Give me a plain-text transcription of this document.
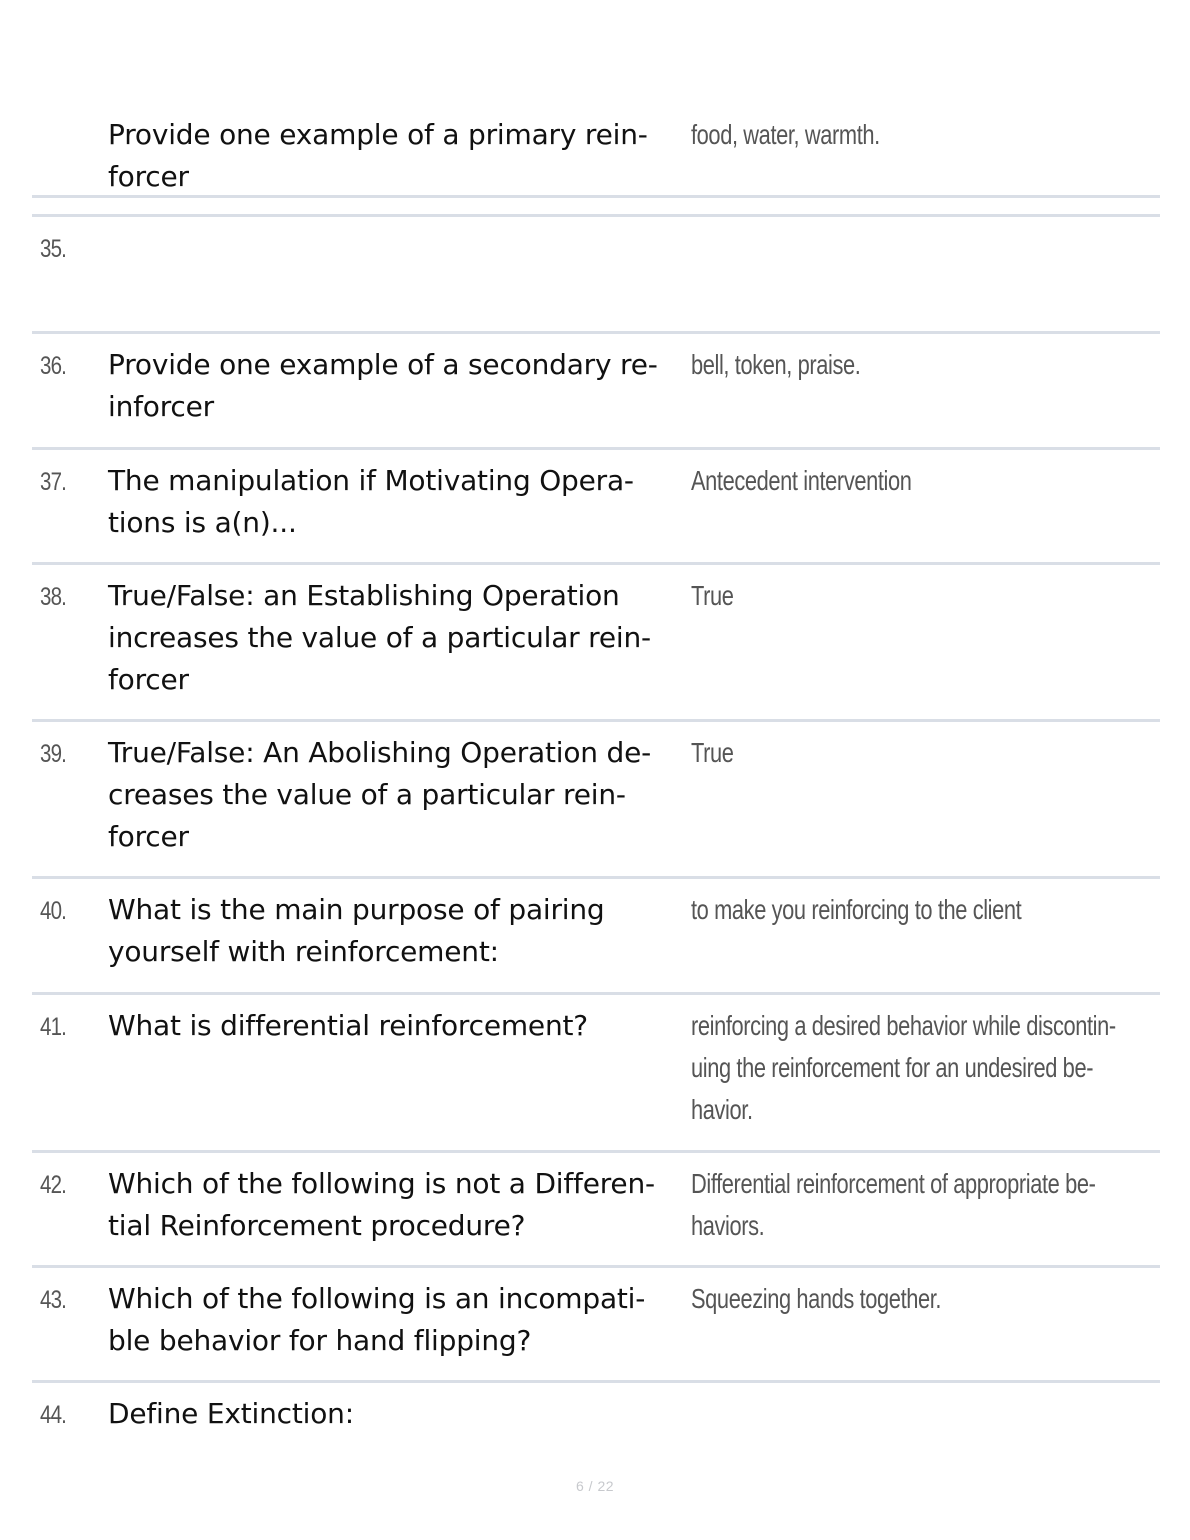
Provide one example of a primary rein-
forcer
food, water, warmth.
35.
36. Provide one example of a secondary re-
inforcer
bell, token, praise.
37. The manipulation if Motivating Opera-
tions is a(n)...
Antecedent intervention
38. True/False: an Establishing Operation
increases the value of a particular rein-
forcer
True
39. True/False: An Abolishing Operation de-
creases the value of a particular rein-
forcer
True
40. What is the main purpose of pairing
yourself with reinforcement:
to make you reinforcing to the client
41. What is differential reinforcement?	reinforcing a desired behavior while discontin-
uing the reinforcement for an undesired be-
havior.
42. Which of the following is not a Differen-
tial Reinforcement procedure?
Differential reinforcement of appropriate be-
haviors.
43. Which of the following is an incompati-
ble behavior for hand flipping?
Squeezing hands together.
44. Define Extinction:
6 / 22
